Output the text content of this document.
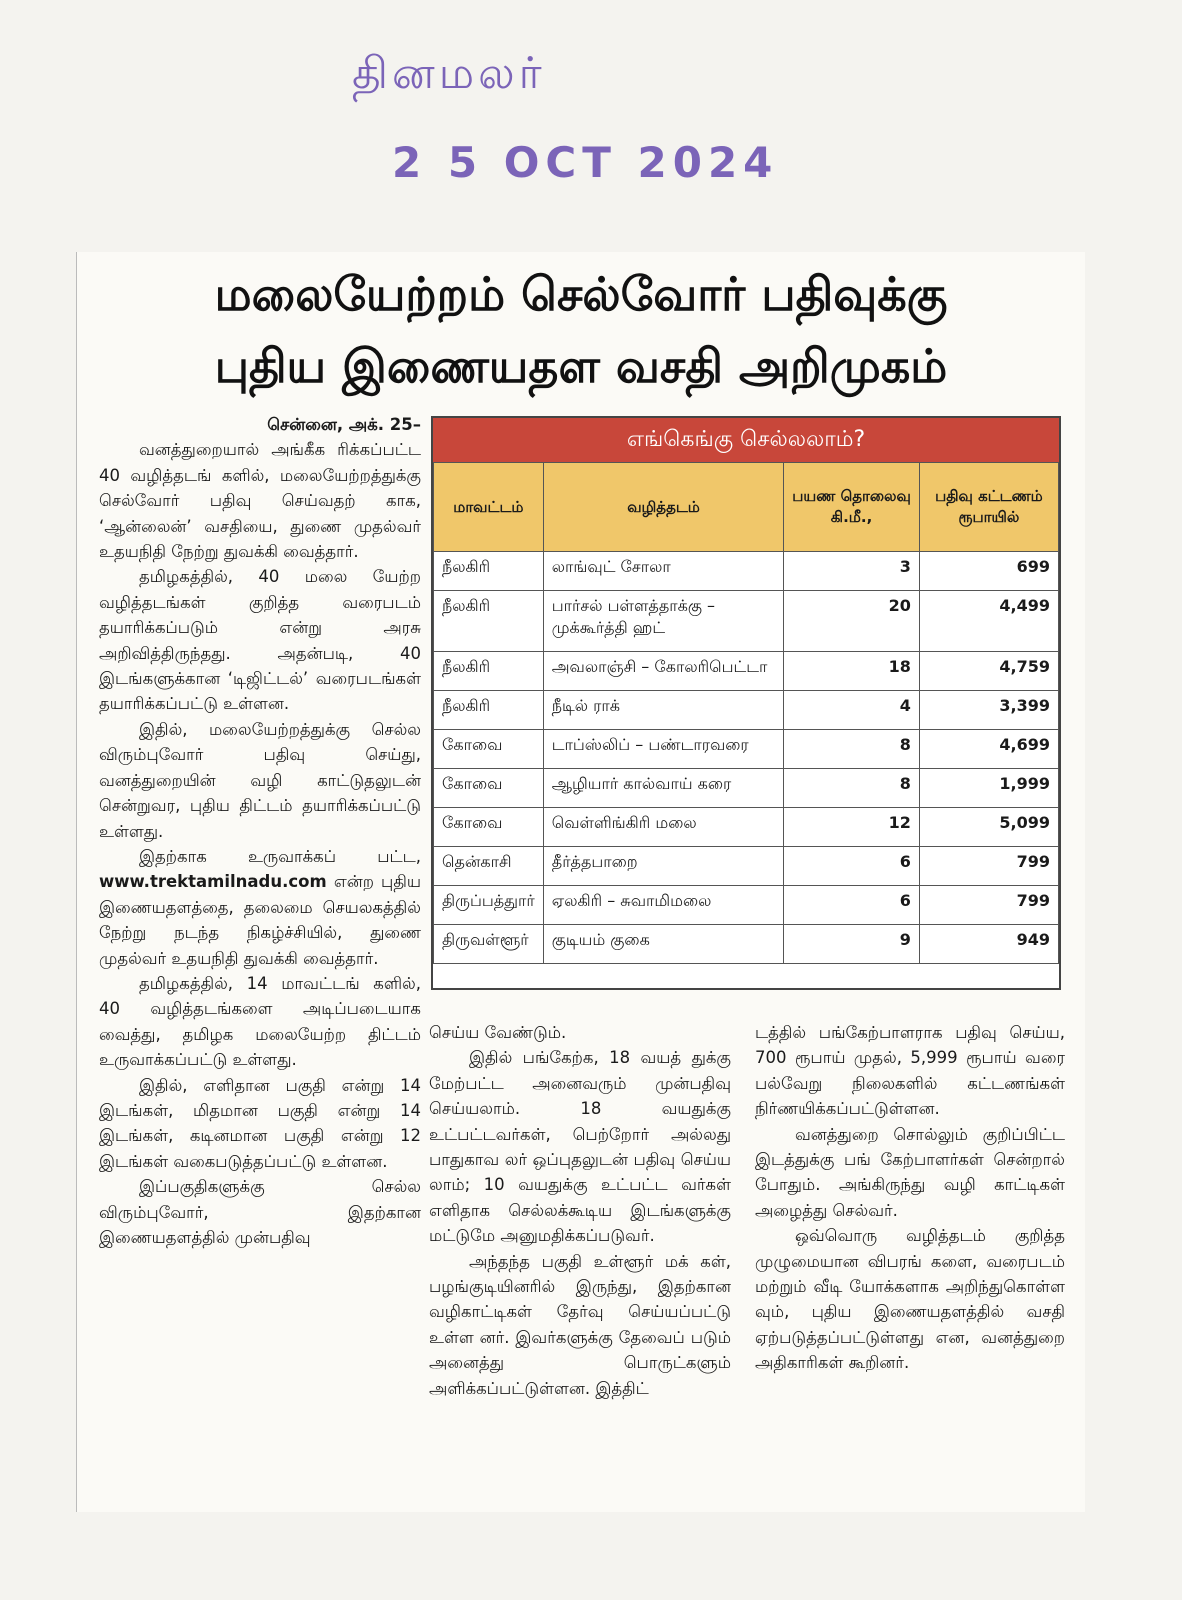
தினமலர்
2 5 OCT 2024
மலையேற்றம் செல்வோர் பதிவுக்கு
புதிய இணையதள வசதி அறிமுகம்

சென்னை, அக். 25–

வனத்துறையால் அங்கீக ரிக்கப்பட்ட 40 வழித்தடங் களில், மலையேற்றத்துக்கு செல்வோர் பதிவு செய்வதற் காக, ‘ஆன்லைன்’ வசதியை, துணை முதல்வர் உதயநிதி நேற்று துவக்கி வைத்தார்.

தமிழகத்தில், 40 மலை யேற்ற வழித்தடங்கள் குறித்த வரைபடம் தயாரிக்கப்படும் என்று அரசு அறிவித்திருந்தது. அதன்படி, 40 இடங்களுக்கான ‘டிஜிட்டல்’ வரைபடங்கள் தயாரிக்கப்பட்டு உள்ளன.

இதில், மலையேற்றத்துக்கு செல்ல விரும்புவோர் பதிவு செய்து, வனத்துறையின் வழி காட்டுதலுடன் சென்றுவர, புதிய திட்டம் தயாரிக்கப்பட்டு உள்ளது.

இதற்காக உருவாக்கப் பட்ட, www.trektamilnadu.com என்ற புதிய இணையதளத்தை, தலைமை செயலகத்தில் நேற்று நடந்த நிகழ்ச்சியில், துணை முதல்வர் உதயநிதி துவக்கி வைத்தார்.

தமிழகத்தில், 14 மாவட்டங் களில், 40 வழித்தடங்களை அடிப்படையாக வைத்து, தமிழக மலையேற்ற திட்டம் உருவாக்கப்பட்டு உள்ளது.

இதில், எளிதான பகுதி என்று 14 இடங்கள், மிதமான பகுதி என்று 14 இடங்கள், கடினமான பகுதி என்று 12 இடங்கள் வகைபடுத்தப்பட்டு உள்ளன.

இப்பகுதிகளுக்கு செல்ல விரும்புவோர், இதற்கான இணையதளத்தில் முன்பதிவு

எங்கெங்கு செல்லலாம்?
மாவட்டம்	வழித்தடம்	பயண தொலைவு கி.மீ.,	பதிவு கட்டணம் ரூபாயில்
நீலகிரி	லாங்வுட் சோலா	3	699
நீலகிரி	பார்சல் பள்ளத்தாக்கு – முக்கூர்த்தி ஹட்	20	4,499
நீலகிரி	அவலாஞ்சி – கோலரிபெட்டா	18	4,759
நீலகிரி	நீடில் ராக்	4	3,399
கோவை	டாப்ஸ்லிப் – பண்டாரவரை	8	4,699
கோவை	ஆழியார் கால்வாய் கரை	8	1,999
கோவை	வெள்ளிங்கிரி மலை	12	5,099
தென்காசி	தீர்த்தபாறை	6	799
திருப்பத்துார்	ஏலகிரி – சுவாமிமலை	6	799
திருவள்ளூர்	குடியம் குகை	9	949

செய்ய வேண்டும்.

இதில் பங்கேற்க, 18 வயத் துக்கு மேற்பட்ட அனைவரும் முன்பதிவு செய்யலாம். 18 வயதுக்கு உட்பட்டவர்கள், பெற்றோர் அல்லது பாதுகாவ லர் ஒப்புதலுடன் பதிவு செய்ய லாம்; 10 வயதுக்கு உட்பட்ட வர்கள் எளிதாக செல்லக்கூடிய இடங்களுக்கு மட்டுமே அனுமதிக்கப்படுவர்.

அந்தந்த பகுதி உள்ளூர் மக் கள், பழங்குடியினரில் இருந்து, இதற்கான வழிகாட்டிகள் தேர்வு செய்யப்பட்டு உள்ள னர். இவர்களுக்கு தேவைப் படும் அனைத்து பொருட்களும் அளிக்கப்பட்டுள்ளன. இத்திட்

டத்தில் பங்கேற்பாளராக பதிவு செய்ய, 700 ரூபாய் முதல், 5,999 ரூபாய் வரை பல்வேறு நிலைகளில் கட்டணங்கள் நிர்ணயிக்கப்பட்டுள்ளன.

வனத்துறை சொல்லும் குறிப்பிட்ட இடத்துக்கு பங் கேற்பாளர்கள் சென்றால் போதும். அங்கிருந்து வழி காட்டிகள் அழைத்து செல்வர்.

ஒவ்வொரு வழித்தடம் குறித்த முழுமையான விபரங் களை, வரைபடம் மற்றும் வீடி யோக்களாக அறிந்துகொள்ள வும், புதிய இணையதளத்தில் வசதி ஏற்படுத்தப்பட்டுள்ளது என, வனத்துறை அதிகாரிகள் கூறினர்.
